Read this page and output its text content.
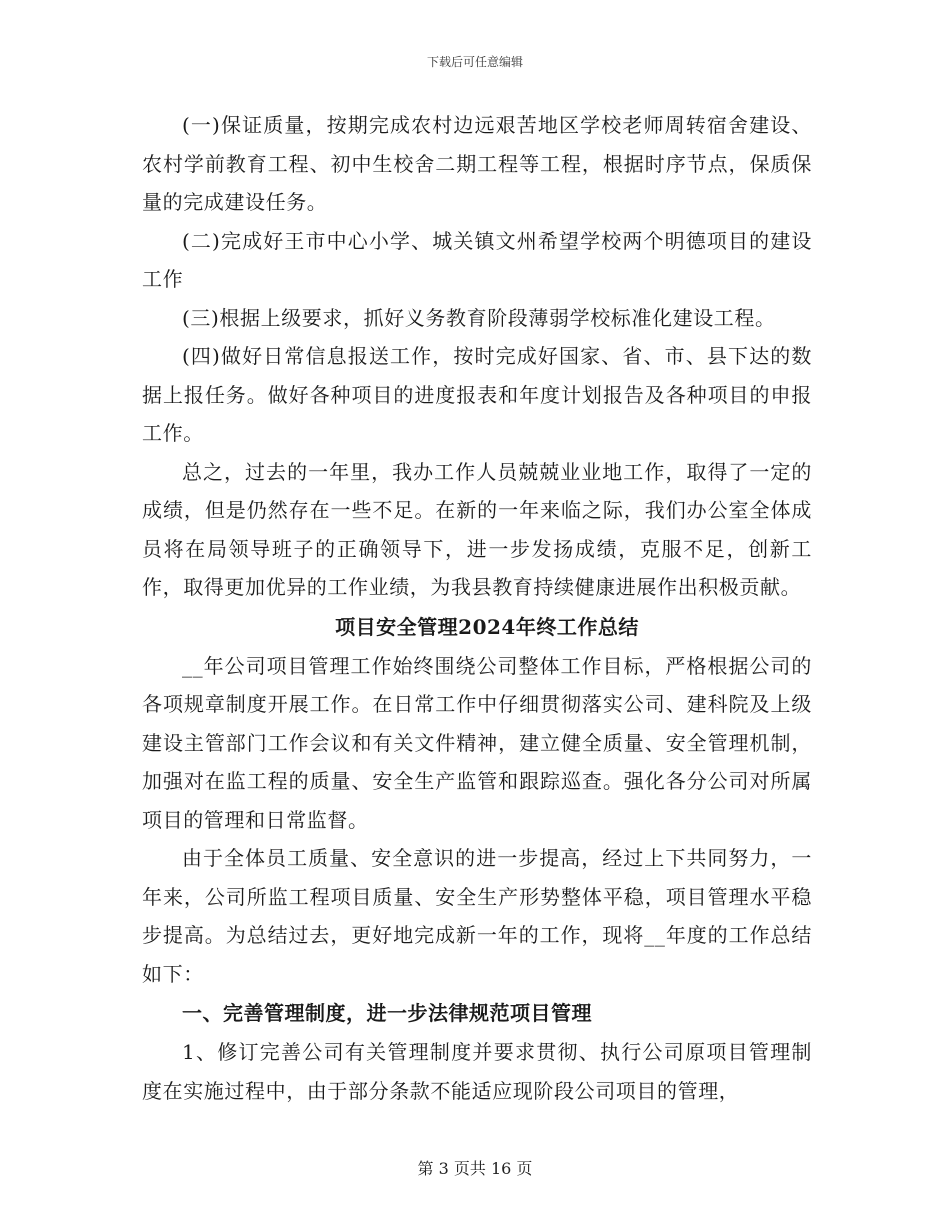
下载后可任意编辑

(一)保证质量，按期完成农村边远艰苦地区学校老师周转宿舍建设、农村学前教育工程、初中生校舍二期工程等工程，根据时序节点，保质保量的完成建设任务。

(二)完成好王市中心小学、城关镇文州希望学校两个明德项目的建设工作

(三)根据上级要求，抓好义务教育阶段薄弱学校标准化建设工程。

(四)做好日常信息报送工作，按时完成好国家、省、市、县下达的数据上报任务。做好各种项目的进度报表和年度计划报告及各种项目的申报工作。

总之，过去的一年里，我办工作人员兢兢业业地工作，取得了一定的成绩，但是仍然存在一些不足。在新的一年来临之际，我们办公室全体成员将在局领导班子的正确领导下，进一步发扬成绩，克服不足，创新工作，取得更加优异的工作业绩，为我县教育持续健康进展作出积极贡献。

项目安全管理2024年终工作总结

__年公司项目管理工作始终围绕公司整体工作目标，严格根据公司的各项规章制度开展工作。在日常工作中仔细贯彻落实公司、建科院及上级建设主管部门工作会议和有关文件精神，建立健全质量、安全管理机制，加强对在监工程的质量、安全生产监管和跟踪巡查。强化各分公司对所属项目的管理和日常监督。

由于全体员工质量、安全意识的进一步提高，经过上下共同努力，一年来，公司所监工程项目质量、安全生产形势整体平稳，项目管理水平稳步提高。为总结过去，更好地完成新一年的工作，现将__年度的工作总结如下：

一、完善管理制度，进一步法律规范项目管理

1、修订完善公司有关管理制度并要求贯彻、执行公司原项目管理制度在实施过程中，由于部分条款不能适应现阶段公司项目的管理，

第 3 页共 16 页
